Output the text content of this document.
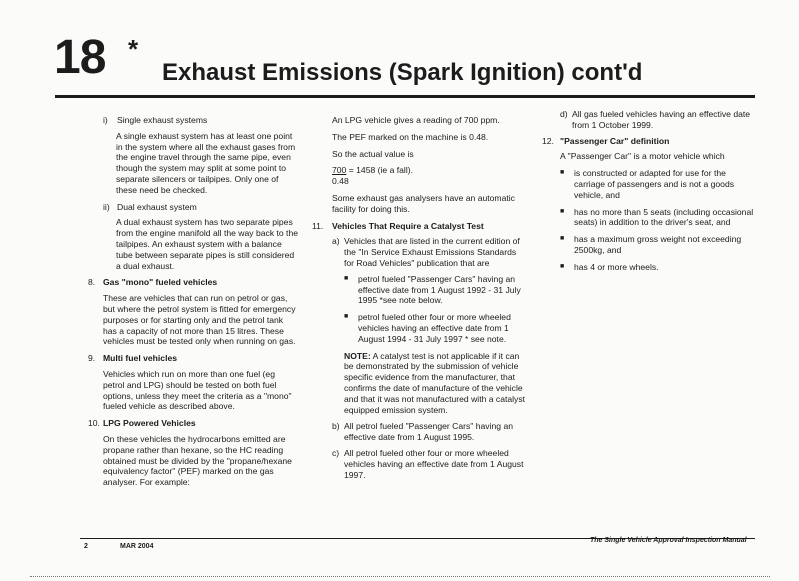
18 *
Exhaust Emissions (Spark Ignition) cont'd
i)	Single exhaust systems

A single exhaust system has at least one point in the system where all the exhaust gases from the engine travel through the same pipe, even though the system may split at some point to separate silencers or tailpipes. Only one of these need be checked.

ii) Dual exhaust system

A dual exhaust system has two separate pipes from the engine manifold all the way back to the tailpipes. An exhaust system with a balance tube between separate pipes is still considered a dual exhaust.

8. Gas "mono" fueled vehicles

These are vehicles that can run on petrol or gas, but where the petrol system is fitted for emergency purposes or for starting only and the petrol tank has a capacity of not more than 15 litres. These vehicles must be tested only when running on gas.

9. Multi fuel vehicles

Vehicles which run on more than one fuel (eg petrol and LPG) should be tested on both fuel options, unless they meet the criteria as a "mono" fueled vehicle as described above.

10. LPG Powered Vehicles

On these vehicles the hydrocarbons emitted are propane rather than hexane, so the HC reading obtained must be divided by the "propane/hexane equivalency factor" (PEF) marked on the gas analyser. For example:

An LPG vehicle gives a reading of 700 ppm.

The PEF marked on the machine is 0.48.

So the actual value is

700 = 1458 (ie a fall).
0.48

Some exhaust gas analysers have an automatic facility for doing this.

11.	Vehicles That Require a Catalyst Test
a) Vehicles that are listed in the current edition of the "In Service Exhaust Emissions Standards for Road Vehicles" publication that are
■	petrol fueled "Passenger Cars" having an effective date from 1 August 1992 - 31 July 1995 *see note below.
■	petrol fueled other four or more wheeled vehicles having an effective date from 1 August 1994 - 31 July 1997 * see note.

NOTE: A catalyst test is not applicable if it can be demonstrated by the submission of vehicle specific evidence from the manufacturer, that confirms the date of manufacture of the vehicle and that it was not manufactured with a catalyst equipped emission system.

b) All petrol fueled "Passenger Cars" having an effective date from 1 August 1995.
c) All petrol fueled other four or more wheeled vehicles having an effective date from 1 August 1997.
d) All gas fueled vehicles having an effective date from 1 October 1999.
12. "Passenger Car" definition

A "Passenger Car" is a motor vehicle which

■	is constructed or adapted for use for the carriage of passengers and is not a goods vehicle, and
■	has no more than 5 seats (including occasional seats) in addition to the driver's seat, and
■	has a maximum gross weight not exceeding 2500kg, and
■	has 4 or more wheels.
2	MAR 2004
The Single Vehicle Approval Inspection Manual
